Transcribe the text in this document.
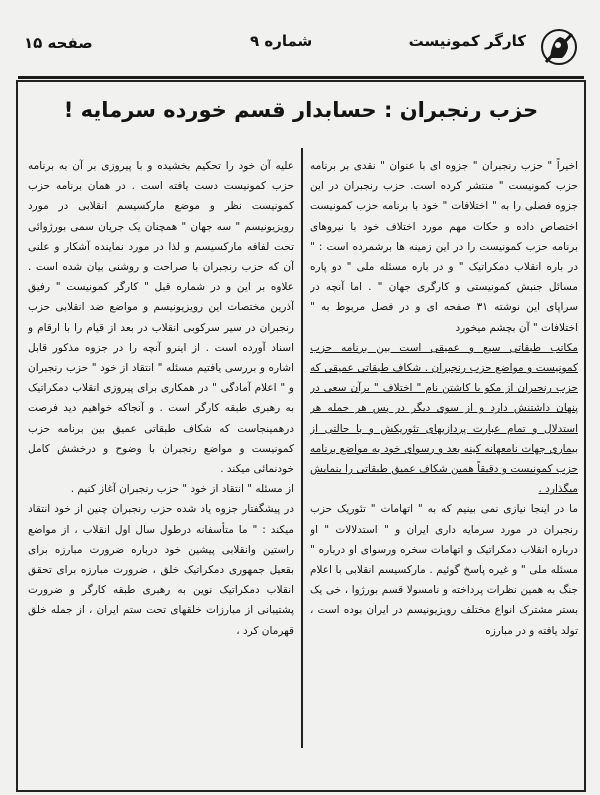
صفحه ۱۵	شماره ۹	کارگر کمونیست
حزب رنجبران : حسابدار قسم خورده سرمایه !

اخیراً " حزب رنجبران " جزوه ای با عنوان " نقدی بر برنامه حزب کمونیست " منتشر کرده است. حزب رنجبران در این جزوه فصلی را به " اختلافات " خود با برنامه حزب کمونیست اختصاص داده و حکات مهم مورد اختلاف خود با نیروهای برنامه حزب کمونیست را در این زمینه ها برشمرده است : " در باره انقلاب دمکراتیک " و در باره مسئله ملی " دو پاره مسائل جنبش کمونیستی و کارگری جهان " . اما آنچه در سراپای این نوشته ۳۱ صفحه ای و در فصل مربوط به " اختلافات " آن بچشم میخورد

مکاتب طبقاتی سیع و عمیقی است بین برنامه حزب کمونیست و مواضع حزب رنجبران . شکاف طبقاتی عمیقی که حزب رنجبران از مکو با کاشتن نام " اختلاف " برآن سعی در پنهان داشتنش دارد و از سوی دیگر در پس هر جمله هر استدلال و تمام عبارت پردازیهای تئوریکش و با حالتی از بیماری جهات نامعهانه کینه بعد و رسوای خود به مواضع برنامه حزب کمونیست و دقیقاً همین شکاف عمیق طبقاتی را بنمایش میگذارد .

ما در اینجا نیازی نمی بینیم که به " اتهامات " تئوریک حزب رنجبران در مورد سرمایه داری ایران و " استدلالات " او درباره انقلاب دمکراتیک و اتهامات سخره ورسوای او درباره " مسئله ملی " و غیره پاسخ گوئیم . مارکسیسم انقلابی با اعلام جنگ به همین نظرات پرداخته و نامسولا قسم بورژوا ، خی یک بستر مشترک انواع مختلف رویزیونیسم در ایران بوده است ، تولد یافته و در مبارزه

علیه آن خود را تحکیم بخشیده و با پیروزی بر آن به برنامه حزب کمونیست دست یافته است . در همان برنامه حزب کمونیست نظر و موضع مارکسیسم انقلابی در مورد رویزیونیسم " سه جهان " همچنان یک جریان سمی بورژوائی تحت لفافه مارکسیسم و لذا در مورد نماینده آشکار و علنی آن که حزب رنجبران با صراحت و روشنی بیان شده است . علاوه بر این و در شماره قبل " کارگر کمونیست " رفیق آذرین مختصات این رویزیونیسم و مواضع ضد انقلابی حزب رنجبران در سیر سرکوبی انقلاب در بعد از قیام را با ارقام و اسناد آورده است . از اینرو آنچه را در جزوه مذکور قابل اشاره و بررسی یافتیم مسئله " انتقاد از خود " حزب رنجبران و " اعلام آمادگی " در همکاری برای پیروزی انقلاب دمکراتیک به رهبری طبقه کارگر است . و آنجاکه خواهیم دید فرصت درهمینجاست که شکاف طبقاتی عمیق بین برنامه حزب کمونیست و مواضع رنجبران با وضوح و درخشش کامل خودنمائی میکند .

از مسئله " انتقاد از خود " حزب رنجبران آغاز کنیم .

در پیشگفتار جزوه یاد شده حزب رنجبران چنین از خود انتقاد میکند : " ما متأسفانه درطول سال اول انقلاب ، از مواضع راستین وانقلابی پیشین خود درباره ضرورت مبارزه برای بقعیل جمهوری دمکراتیک خلق ، ضرورت مبارزه برای تحقق انقلاب دمکراتیک نوین به رهبری طبقه کارگر و ضرورت پشتیبانی از مبارزات خلقهای تحت ستم ایران ، از جمله خلق قهرمان کرد ،
